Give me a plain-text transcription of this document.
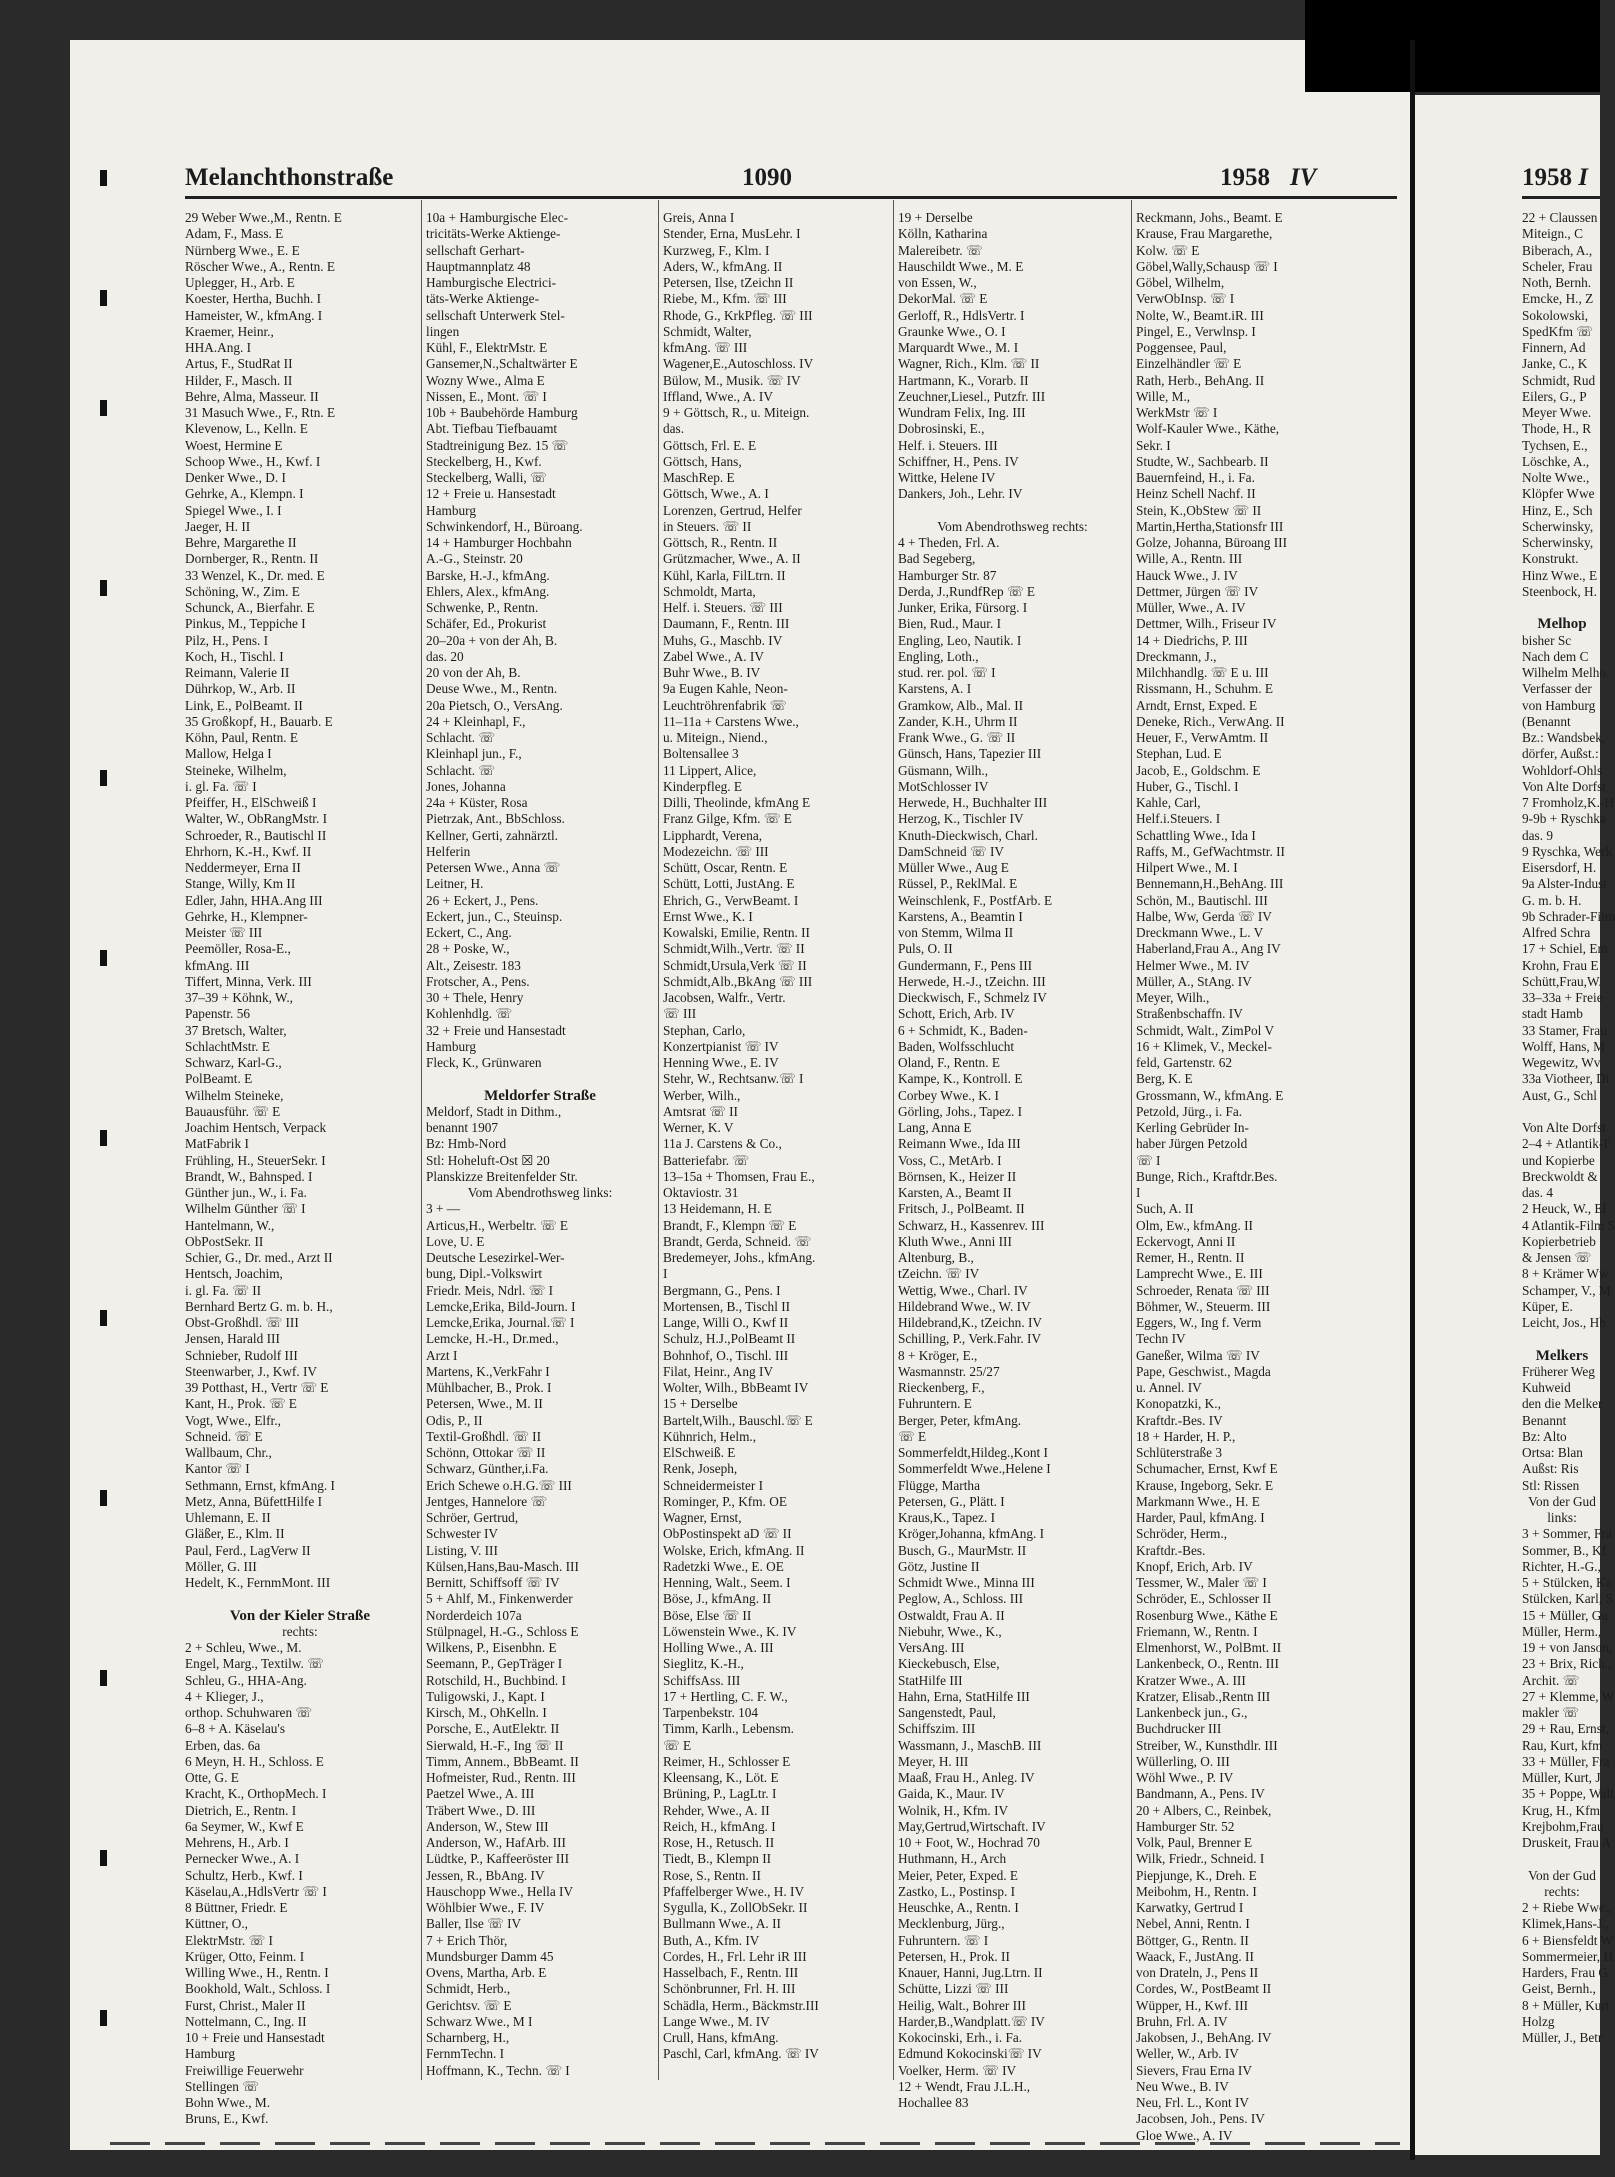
Melanchthonstraße	1090	1958 IV	1958 I
29 Weber Wwe.,M., Rentn. E
Adam, F., Mass. E
Nürnberg Wwe., E. E
Röscher Wwe., A., Rentn. E
Uplegger, H., Arb. E
Koester, Hertha, Buchh. I
Hameister, W., kfmAng. I
Kraemer, Heinr.,
HHA.Ang. I
Artus, F., StudRat II
Hilder, F., Masch. II
Behre, Alma, Masseur. II
31 Masuch Wwe., F., Rtn. E
Klevenow, L., Kelln. E
Woest, Hermine E
Schoop Wwe., H., Kwf. I
Denker Wwe., D. I
Gehrke, A., Klempn. I
Spiegel Wwe., I. I
Jaeger, H. II
Behre, Margarethe II
Dornberger, R., Rentn. II
33 Wenzel, K., Dr. med. E
Schöning, W., Zim. E
Schunck, A., Bierfahr. E
Pinkus, M., Teppiche I
Pilz, H., Pens. I
Koch, H., Tischl. I
Reimann, Valerie II
Dührkop, W., Arb. II
Link, E., PolBeamt. II
35 Großkopf, H., Bauarb. E
Köhn, Paul, Rentn. E
Mallow, Helga I
Steineke, Wilhelm,
i. gl. Fa. ☏ I
Pfeiffer, H., ElSchweiß I
Walter, W., ObRangMstr. I
Schroeder, R., Bautischl II
Ehrhorn, K.-H., Kwf. II
Neddermeyer, Erna II
Stange, Willy, Km II
Edler, Jahn, HHA.Ang III
Gehrke, H., Klempner-
Meister ☏ III
Peemöller, Rosa-E.,
kfmAng. III
Tiffert, Minna, Verk. III
37–39 + Köhnk, W.,
Papenstr. 56
37 Bretsch, Walter,
SchlachtMstr. E
Schwarz, Karl-G.,
PolBeamt. E
Wilhelm Steineke,
Bauausführ. ☏ E
Joachim Hentsch, Verpack
MatFabrik I
Frühling, H., SteuerSekr. I
Brandt, W., Bahnsped. I
Günther jun., W., i. Fa.
Wilhelm Günther ☏ I
Hantelmann, W.,
ObPostSekr. II
Schier, G., Dr. med., Arzt II
Hentsch, Joachim,
i. gl. Fa. ☏ II
Bernhard Bertz G. m. b. H.,
Obst-Großhdl. ☏ III
Jensen, Harald III
Schnieber, Rudolf III
Steenwarber, J., Kwf. IV
39 Potthast, H., Vertr ☏ E
Kant, H., Prok. ☏ E
Vogt, Wwe., Elfr.,
Schneid. ☏ E
Wallbaum, Chr.,
Kantor ☏ I
Sethmann, Ernst, kfmAng. I
Metz, Anna, BüfettHilfe I
Uhlemann, E. II
Gläßer, E., Klm. II
Paul, Ferd., LagVerw II
Möller, G. III
Hedelt, K., FernmMont. III
Von der Kieler Straße
rechts:
2 + Schleu, Wwe., M.
Engel, Marg., Textilw. ☏
Schleu, G., HHA-Ang.
4 + Klieger, J.,
orthop. Schuhwaren ☏
6–8 + A. Käselau's
Erben, das. 6a
6 Meyn, H. H., Schloss. E
Otte, G. E
Kracht, K., OrthopMech. I
Dietrich, E., Rentn. I
6a Seymer, W., Kwf E
Mehrens, H., Arb. I
Pernecker Wwe., A. I
Schultz, Herb., Kwf. I
Käselau,A.,HdlsVertr ☏ I
8 Büttner, Friedr. E
Küttner, O.,
ElektrMstr. ☏ I
Krüger, Otto, Feinm. I
Willing Wwe., H., Rentn. I
Bookhold, Walt., Schloss. I
Furst, Christ., Maler II
Nottelmann, C., Ing. II
10 + Freie und Hansestadt
Hamburg
Freiwillige Feuerwehr
Stellingen ☏
Bohn Wwe., M.
Bruns, E., Kwf.
10a + Hamburgische Elec-
tricitäts-Werke Aktienge-
sellschaft Gerhart-
Hauptmannplatz 48
Hamburgische Electrici-
täts-Werke Aktienge-
sellschaft Unterwerk Stel-
lingen
Kühl, F., ElektrMstr. E
Gansemer,N.,Schaltwärter E
Wozny Wwe., Alma E
Nissen, E., Mont. ☏ I
10b + Baubehörde Hamburg
Abt. Tiefbau Tiefbauamt
Stadtreinigung Bez. 15 ☏
Steckelberg, H., Kwf.
Steckelberg, Walli, ☏
12 + Freie u. Hansestadt
Hamburg
Schwinkendorf, H., Büroang.
14 + Hamburger Hochbahn
A.-G., Steinstr. 20
Barske, H.-J., kfmAng.
Ehlers, Alex., kfmAng.
Schwenke, P., Rentn.
Schäfer, Ed., Prokurist
20–20a + von der Ah, B.
das. 20
20 von der Ah, B.
Deuse Wwe., M., Rentn.
20a Pietsch, O., VersAng.
24 + Kleinhapl, F.,
Schlacht. ☏
Kleinhapl jun., F.,
Schlacht. ☏
Jones, Johanna
24a + Küster, Rosa
Pietrzak, Ant., BbSchloss.
Kellner, Gerti, zahnärztl.
Helferin
Petersen Wwe., Anna ☏
Leitner, H.
26 + Eckert, J., Pens.
Eckert, jun., C., Steuinsp.
Eckert, C., Ang.
28 + Poske, W.,
Alt., Zeisestr. 183
Frotscher, A., Pens.
30 + Thele, Henry
Kohlenhdlg. ☏
32 + Freie und Hansestadt
Hamburg
Fleck, K., Grünwaren
Meldorfer Straße
Meldorf, Stadt in Dithm.,
benannt 1907
Bz: Hmb-Nord
Stl: Hoheluft-Ost ☒ 20
Planskizze Breitenfelder Str.
Vom Abendrothsweg links:
3 + —
Articus,H., Werbeltr. ☏ E
Love, U. E
Deutsche Lesezirkel-Wer-
bung, Dipl.-Volkswirt
Friedr. Meis, Ndrl. ☏ I
Lemcke,Erika, Bild-Journ. I
Lemcke,Erika, Journal.☏ I
Lemcke, H.-H., Dr.med.,
Arzt I
Martens, K.,VerkFahr I
Mühlbacher, B., Prok. I
Petersen, Wwe., M. II
Odis, P., II
Textil-Großhdl. ☏ II
Schönn, Ottokar ☏ II
Schwarz, Günther,i.Fa.
Erich Schewe o.H.G.☏ III
Jentges, Hannelore ☏
Schröer, Gertrud,
Schwester IV
Listing, V. III
Külsen,Hans,Bau-Masch. III
Bernitt, Schiffsoff ☏ IV
5 + Ahlf, M., Finkenwerder
Norderdeich 107a
Stülpnagel, H.-G., Schloss E
Wilkens, P., Eisenbhn. E
Seemann, P., GepTräger I
Rotschild, H., Buchbind. I
Tuligowski, J., Kapt. I
Kirsch, M., OhKelln. I
Porsche, E., AutElektr. II
Sierwald, H.-F., Ing ☏ II
Timm, Annem., BbBeamt. II
Hofmeister, Rud., Rentn. III
Paetzel Wwe., A. III
Träbert Wwe., D. III
Anderson, W., Stew III
Anderson, W., HafArb. III
Lüdtke, P., Kaffeeröster III
Jessen, R., BbAng. IV
Hauschopp Wwe., Hella IV
Wöhlbier Wwe., F. IV
Baller, Ilse ☏ IV
7 + Erich Thör,
Mundsburger Damm 45
Ovens, Martha, Arb. E
Schmidt, Herb.,
Gerichtsv. ☏ E
Schwarz Wwe., M I
Scharnberg, H.,
FernmTechn. I
Hoffmann, K., Techn. ☏ I
Greis, Anna I
Stender, Erna, MusLehr. I
Kurzweg, F., Klm. I
Aders, W., kfmAng. II
Petersen, Ilse, tZeichn II
Riebe, M., Kfm. ☏ III
Rhode, G., KrkPfleg. ☏ III
Schmidt, Walter,
kfmAng. ☏ III
Wagener,E.,Autoschloss. IV
Bülow, M., Musik. ☏ IV
Iffland, Wwe., A. IV
9 + Göttsch, R., u. Miteign.
das.
Göttsch, Frl. E. E
Göttsch, Hans,
MaschRep. E
Göttsch, Wwe., A. I
Lorenzen, Gertrud, Helfer
in Steuers. ☏ II
Göttsch, R., Rentn. II
Grützmacher, Wwe., A. II
Kühl, Karla, FilLtrn. II
Schmoldt, Marta,
Helf. i. Steuers. ☏ III
Daumann, F., Rentn. III
Muhs, G., Maschb. IV
Zabel Wwe., A. IV
Buhr Wwe., B. IV
9a Eugen Kahle, Neon-
Leuchtröhrenfabrik ☏
11–11a + Carstens Wwe.,
u. Miteign., Niend.,
Boltensallee 3
11 Lippert, Alice,
Kinderpfleg. E
Dilli, Theolinde, kfmAng E
Franz Gilge, Kfm. ☏ E
Lipphardt, Verena,
Modezeichn. ☏ III
Schütt, Oscar, Rentn. E
Schütt, Lotti, JustAng. E
Ehrich, G., VerwBeamt. I
Ernst Wwe., K. I
Kowalski, Emilie, Rentn. II
Schmidt,Wilh.,Vertr. ☏ II
Schmidt,Ursula,Verk ☏ II
Schmidt,Alb.,BkAng ☏ III
Jacobsen, Walfr., Vertr.
☏ III
Stephan, Carlo,
Konzertpianist ☏ IV
Henning Wwe., E. IV
Stehr, W., Rechtsanw.☏ I
Werber, Wilh.,
Amtsrat ☏ II
Werner, K. V
11a J. Carstens & Co.,
Batteriefabr. ☏
13–15a + Thomsen, Frau E.,
Oktaviostr. 31
13 Heidemann, H. E
Brandt, F., Klempn ☏ E
Brandt, Gerda, Schneid. ☏
Bredemeyer, Johs., kfmAng.
I
Bergmann, G., Pens. I
Mortensen, B., Tischl II
Lange, Willi O., Kwf II
Schulz, H.J.,PolBeamt II
Bohnhof, O., Tischl. III
Filat, Heinr., Ang IV
Wolter, Wilh., BbBeamt IV
15 + Derselbe
Bartelt,Wilh., Bauschl.☏ E
Kühnrich, Helm.,
ElSchweiß. E
Renk, Joseph,
Schneidermeister I
Rominger, P., Kfm. OE
Wagner, Ernst,
ObPostinspekt aD ☏ II
Wolske, Erich, kfmAng. II
Radetzki Wwe., E. OE
Henning, Walt., Seem. I
Böse, J., kfmAng. II
Böse, Else ☏ II
Löwenstein Wwe., K. IV
Holling Wwe., A. III
Sieglitz, K.-H.,
SchiffsAss. III
17 + Hertling, C. F. W.,
Tarpenbekstr. 104
Timm, Karlh., Lebensm.
☏ E
Reimer, H., Schlosser E
Kleensang, K., Löt. E
Brüning, P., LagLtr. I
Rehder, Wwe., A. II
Reich, H., kfmAng. I
Rose, H., Retusch. II
Tiedt, B., Klempn II
Rose, S., Rentn. II
Pfaffelberger Wwe., H. IV
Sygulla, K., ZollObSekr. II
Bullmann Wwe., A. II
Buth, A., Kfm. IV
Cordes, H., Frl. Lehr iR III
Hasselbach, F., Rentn. III
Schönbrunner, Frl. H. III
Schädla, Herm., Bäckmstr.III
Lange Wwe., M. IV
Crull, Hans, kfmAng.
Paschl, Carl, kfmAng. ☏ IV
19 + Derselbe
Kölln, Katharina
Malereibetr. ☏
Hauschildt Wwe., M. E
von Essen, W.,
DekorMal. ☏ E
Gerloff, R., HdlsVertr. I
Graunke Wwe., O. I
Marquardt Wwe., M. I
Wagner, Rich., Klm. ☏ II
Hartmann, K., Vorarb. II
Zeuchner,Liesel., Putzfr. III
Wundram Felix, Ing. III
Dobrosinski, E.,
Helf. i. Steuers. III
Schiffner, H., Pens. IV
Wittke, Helene IV
Dankers, Joh., Lehr. IV
Vom Abendrothsweg rechts:
4 + Theden, Frl. A.
Bad Segeberg,
Hamburger Str. 87
Derda, J.,RundfRep ☏ E
Junker, Erika, Fürsorg. I
Bien, Rud., Maur. I
Engling, Leo, Nautik. I
Engling, Loth.,
stud. rer. pol. ☏ I
Karstens, A. I
Gramkow, Alb., Mal. II
Zander, K.H., Uhrm II
Frank Wwe., G. ☏ II
Günsch, Hans, Tapezier III
Güsmann, Wilh.,
MotSchlosser IV
Herwede, H., Buchhalter III
Herzog, K., Tischler IV
Knuth-Dieckwisch, Charl.
DamSchneid ☏ IV
Müller Wwe., Aug E
Rüssel, P., ReklMal. E
Weinschlenk, F., PostfArb. E
Karstens, A., Beamtin I
von Stemm, Wilma II
Puls, O. II
Gundermann, F., Pens III
Herwede, H.-J., tZeichn. III
Dieckwisch, F., Schmelz IV
Schott, Erich, Arb. IV
6 + Schmidt, K., Baden-
Baden, Wolfsschlucht
Oland, F., Rentn. E
Kampe, K., Kontroll. E
Corbey Wwe., K. I
Görling, Johs., Tapez. I
Lang, Anna E
Reimann Wwe., Ida III
Voss, C., MetArb. I
Börnsen, K., Heizer II
Karsten, A., Beamt II
Fritsch, J., PolBeamt. II
Schwarz, H., Kassenrev. III
Kluth Wwe., Anni III
Altenburg, B.,
tZeichn. ☏ IV
Wettig, Wwe., Charl. IV
Hildebrand Wwe., W. IV
Hildebrand,K., tZeichn. IV
Schilling, P., Verk.Fahr. IV
8 + Kröger, E.,
Wasmannstr. 25/27
Rieckenberg, F.,
Fuhruntern. E
Berger, Peter, kfmAng.
☏ E
Sommerfeldt,Hildeg.,Kont I
Sommerfeldt Wwe.,Helene I
Flügge, Martha
Petersen, G., Plätt. I
Kraus,K., Tapez. I
Kröger,Johanna, kfmAng. I
Busch, G., MaurMstr. II
Götz, Justine II
Schmidt Wwe., Minna III
Peglow, A., Schloss. III
Ostwaldt, Frau A. II
Niebuhr, Wwe., K.,
VersAng. III
Kieckebusch, Else,
StatHilfe III
Hahn, Erna, StatHilfe III
Sangenstedt, Paul,
Schiffszim. III
Wassmann, J., MaschB. III
Meyer, H. III
Maaß, Frau H., Anleg. IV
Gaida, K., Maur. IV
Wolnik, H., Kfm. IV
May,Gertrud,Wirtschaft. IV
10 + Foot, W., Hochrad 70
Huthmann, H., Arch
Meier, Peter, Exped. E
Zastko, L., Postinsp. I
Heuschke, A., Rentn. I
Mecklenburg, Jürg.,
Fuhruntern. ☏ I
Petersen, H., Prok. II
Knauer, Hanni, Jug.Ltrn. II
Schütte, Lizzi ☏ III
Heilig, Walt., Bohrer III
Harder,B.,Wandplatt.☏ IV
Kokocinski, Erh., i. Fa.
Edmund Kokocinski☏ IV
Voelker, Herm. ☏ IV
12 + Wendt, Frau J.L.H.,
Hochallee 83
Reckmann, Johs., Beamt. E
Krause, Frau Margarethe,
Kolw. ☏ E
Göbel,Wally,Schausp ☏ I
Göbel, Wilhelm,
VerwObInsp. ☏ I
Nolte, W., Beamt.iR. III
Pingel, E., Verwlnsp. I
Poggensee, Paul,
Einzelhändler ☏ E
Rath, Herb., BehAng. II
Wille, M.,
WerkMstr ☏ I
Wolf-Kauler Wwe., Käthe,
Sekr. I
Studte, W., Sachbearb. II
Bauernfeind, H., i. Fa.
Heinz Schell Nachf. II
Stein, K.,ObStew ☏ II
Martin,Hertha,Stationsfr III
Golze, Johanna, Büroang III
Wille, A., Rentn. III
Hauck Wwe., J. IV
Dettmer, Jürgen ☏ IV
Müller, Wwe., A. IV
Dettmer, Wilh., Friseur IV
14 + Diedrichs, P. III
Dreckmann, J.,
Milchhandlg. ☏ E u. III
Rissmann, H., Schuhm. E
Arndt, Ernst, Exped. E
Deneke, Rich., VerwAng. II
Heuer, F., VerwAmtm. II
Stephan, Lud. E
Jacob, E., Goldschm. E
Huber, G., Tischl. I
Kahle, Carl,
Helf.i.Steuers. I
Schattling Wwe., Ida I
Raffs, M., GefWachtmstr. II
Hilpert Wwe., M. I
Bennemann,H.,BehAng. III
Schön, M., Bautischl. III
Halbe, Ww, Gerda ☏ IV
Dreckmann Wwe., L. V
Haberland,Frau A., Ang IV
Helmer Wwe., M. IV
Müller, A., StAng. IV
Meyer, Wilh.,
Straßenbschaffn. IV
Schmidt, Walt., ZimPol V
16 + Klimek, V., Meckel-
feld, Gartenstr. 62
Berg, K. E
Grossmann, W., kfmAng. E
Petzold, Jürg., i. Fa.
Kerling Gebrüder In-
haber Jürgen Petzold
☏ I
Bunge, Rich., Kraftdr.Bes.
I
Such, A. II
Olm, Ew., kfmAng. II
Eckervogt, Anni II
Remer, H., Rentn. II
Lamprecht Wwe., E. III
Schroeder, Renata ☏ III
Böhmer, W., Steuerm. III
Eggers, W., Ing f. Verm
Techn IV
Ganeßer, Wilma ☏ IV
Pape, Geschwist., Magda
u. Annel. IV
Konopatzki, K.,
Kraftdr.-Bes. IV
18 + Harder, H. P.,
Schlüterstraße 3
Schumacher, Ernst, Kwf E
Krause, Ingeborg, Sekr. E
Markmann Wwe., H. E
Harder, Paul, kfmAng. I
Schröder, Herm.,
Kraftdr.-Bes.
Knopf, Erich, Arb. IV
Tessmer, W., Maler ☏ I
Schröder, E., Schlosser II
Rosenburg Wwe., Käthe E
Friemann, W., Rentn. I
Elmenhorst, W., PolBmt. II
Lankenbeck, O., Rentn. III
Kratzer Wwe., A. III
Kratzer, Elisab.,Rentn III
Lankenbeck jun., G.,
Buchdrucker III
Streiber, W., Kunsthdlr. III
Wüllerling, O. III
Wöhl Wwe., P. IV
Bandmann, A., Pens. IV
20 + Albers, C., Reinbek,
Hamburger Str. 52
Volk, Paul, Brenner E
Wilk, Friedr., Schneid. I
Piepjunge, K., Dreh. E
Meibohm, H., Rentn. I
Karwatky, Gertrud I
Nebel, Anni, Rentn. I
Böttger, G., Rentn. II
Waack, F., JustAng. II
von Drateln, J., Pens II
Cordes, W., PostBeamt II
Wüpper, H., Kwf. III
Bruhn, Frl. A. IV
Jakobsen, J., BehAng. IV
Weller, W., Arb. IV
Sievers, Frau Erna IV
Neu Wwe., B. IV
Neu, Frl. L., Kont IV
Jacobsen, Joh., Pens. IV
Gloe Wwe., A. IV
22 + Claussen
Miteign., C
Biberach, A.,
Scheler, Frau
Noth, Bernh.
Emcke, H., Z
Sokolowski,
SpedKfm ☏
Finnern, Ad
Janke, C., K
Schmidt, Rud
Eilers, G., P
Meyer Wwe.
Thode, H., R
Tychsen, E.,
Löschke, A.,
Nolte Wwe.,
Klöpfer Wwe
Hinz, E., Sch
Scherwinsky,
Scherwinsky,
Konstrukt.
Hinz Wwe., E
Steenbock, H.
Melhop
bisher Sc
Nach dem C
Wilhelm Melho
Verfasser der
von Hamburg
(Benannt
Bz.: Wandsbek,
dörfer, Außst.:
Wohldorf-Ohls
Von Alte Dorfst
7 Fromholz,K.-H
9-9b + Ryschka
das. 9
9 Ryschka, Werk
Eisersdorf, H.
9a Alster-Indust
G. m. b. H.
9b Schrader-Film
Alfred Schra
17 + Schiel, Em
Krohn, Frau E
Schütt,Frau,W.
33–33a + Freie
stadt Hamb
33 Stamer, Frau
Wolff, Hans, M
Wegewitz, Wv
33a Viotheer, Di
Aust, G., Schl
Von Alte Dorfst
2–4 + Atlantik-F
und Kopierbe
Breckwoldt &
das. 4
2 Heuck, W., El
4 Atlantik-Film S
Kopierbetrieb
& Jensen ☏
8 + Krämer Ww
Schamper, V., M
Küper, E.
Leicht, Jos., Hb
Melkers
Früherer Weg
Kuhweid
den die Melker
Benannt
Bz: Alto
Ortsa: Blan
Außst: Ris
Stl: Rissen
Von der Gud
links:
3 + Sommer, Fra
Sommer, B., Kf
Richter, H.-G.,
5 + Stülcken, Ka
Stülcken, Karl, S
15 + Müller, Gu
Müller, Herm.,
19 + von Janson,
23 + Brix, Rich.,
Archit. ☏
27 + Klemme, W
makler ☏
29 + Rau, Ernst,
Rau, Kurt, kfm
33 + Müller, Fra
Müller, Kurt, J
35 + Poppe, Walt
Krug, H., Kfm
Krejbohm,Frau
Druskeit, Frau A
Von der Gud
rechts:
2 + Riebe Wwe.,
Klimek,Hans-J.,
6 + Biensfeldt W
Sommermeier, H
Harders, Frau G
Geist, Bernh.,
8 + Müller, Kurt
Holzg
Müller, J., Betr
